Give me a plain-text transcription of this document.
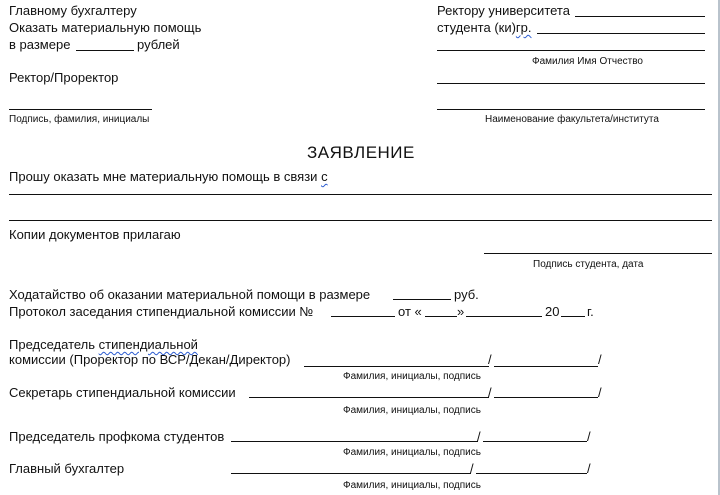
Главному бухгалтеру
Оказать материальную помощь
в размере	рублей
Ректор/Проректор
Подпись, фамилия, инициалы
Ректору университета
студента (ки)гр.
Фамилия Имя Отчество
Наименование факультета/института
ЗАЯВЛЕНИЕ
Прошу оказать мне материальную помощь в связи с
Копии документов прилагаю
Подпись студента, дата
Ходатайство об оказании материальной помощи в размере	руб.
Протокол заседания стипендиальной комиссии №	от «	»	20 г.
Председатель стипендиальной
комиссии (Проректор по ВСР/Декан/Директор)	/	/
Фамилия, инициалы, подпись
Секретарь стипендиальной комиссии	/	/
Фамилия, инициалы, подпись
Председатель профкома студентов	/	/
Фамилия, инициалы, подпись
Главный бухгалтер	/	/
Фамилия, инициалы, подпись
